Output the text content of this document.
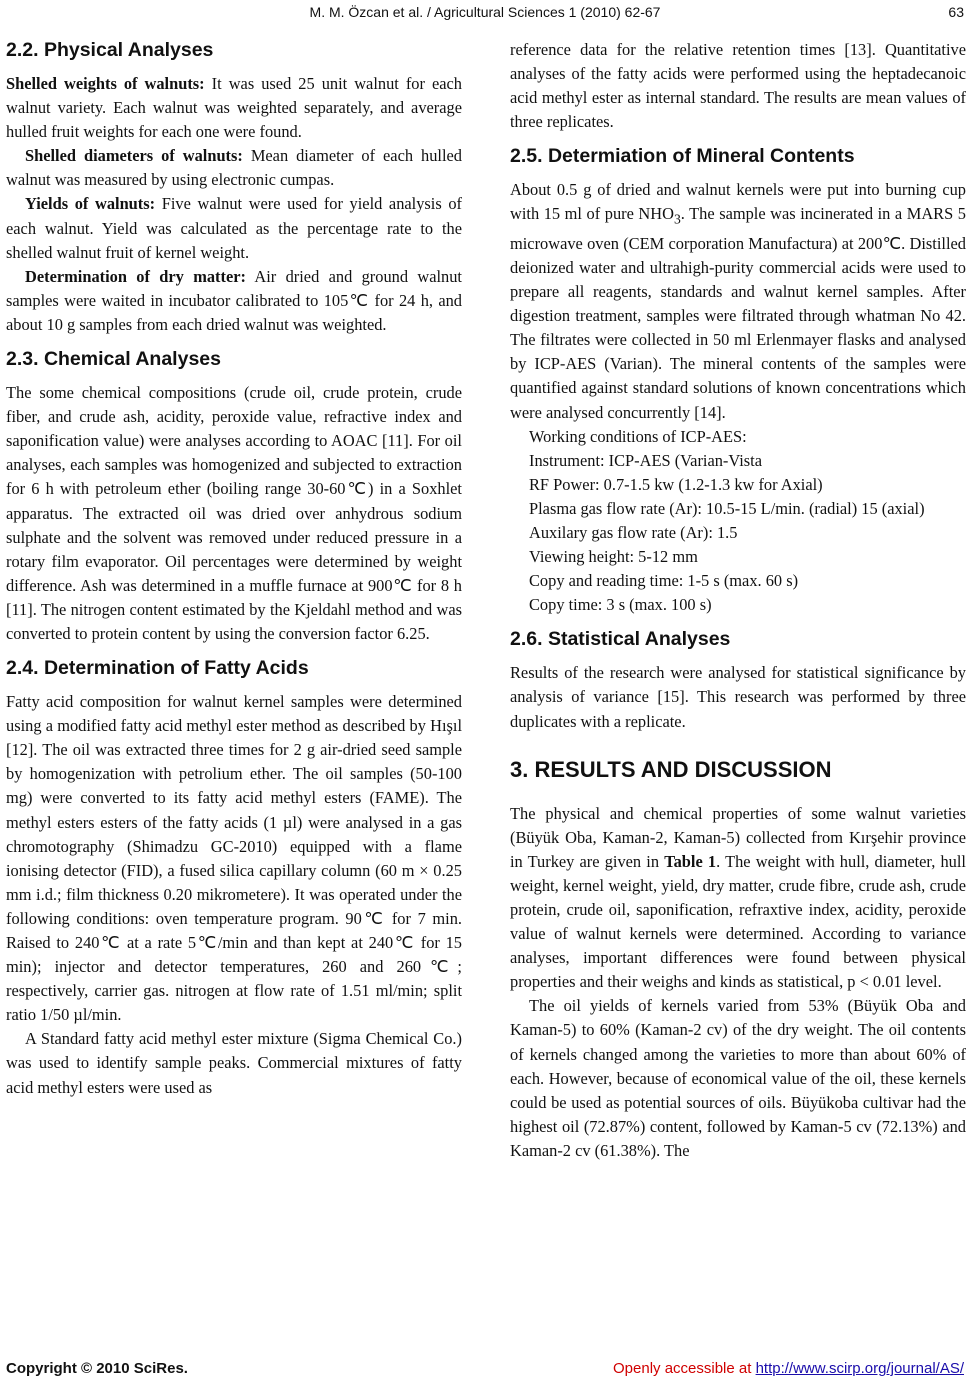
M. M. Özcan et al. / Agricultural Sciences 1 (2010) 62-67	63
2.2. Physical Analyses

Shelled weights of walnuts: It was used 25 unit walnut for each walnut variety. Each walnut was weighted separately, and average hulled fruit weights for each one were found.

Shelled diameters of walnuts: Mean diameter of each hulled walnut was measured by using electronic cumpas.

Yields of walnuts: Five walnut were used for yield analysis of each walnut. Yield was calculated as the percentage rate to the shelled walnut fruit of kernel weight.

Determination of dry matter: Air dried and ground walnut samples were waited in incubator calibrated to 105℃ for 24 h, and about 10 g samples from each dried walnut was weighted.

2.3. Chemical Analyses

The some chemical compositions (crude oil, crude protein, crude fiber, and crude ash, acidity, peroxide value, refractive index and saponification value) were analyses according to AOAC [11]. For oil analyses, each samples was homogenized and subjected to extraction for 6 h with petroleum ether (boiling range 30-60℃) in a Soxhlet apparatus. The extracted oil was dried over anhydrous sodium sulphate and the solvent was removed under reduced pressure in a rotary film evaporator. Oil percentages were determined by weight difference. Ash was determined in a muffle furnace at 900℃ for 8 h [11]. The nitrogen content estimated by the Kjeldahl method and was converted to protein content by using the conversion factor 6.25.

2.4. Determination of Fatty Acids

Fatty acid composition for walnut kernel samples were determined using a modified fatty acid methyl ester method as described by Hışıl [12]. The oil was extracted three times for 2 g air-dried seed sample by homogenization with petrolium ether. The oil samples (50-100 mg) were converted to its fatty acid methyl esters (FAME). The methyl esters esters of the fatty acids (1 µl) were analysed in a gas chromotography (Shimadzu GC-2010) equipped with a flame ionising detector (FID), a fused silica capillary column (60 m × 0.25 mm i.d.; film thickness 0.20 mikrometere). It was operated under the following conditions: oven temperature program. 90℃ for 7 min. Raised to 240℃ at a rate 5℃/min and than kept at 240℃ for 15 min); injector and detector temperatures, 260 and 260℃; respectively, carrier gas. nitrogen at flow rate of 1.51 ml/min; split ratio 1/50 µl/min.

A Standard fatty acid methyl ester mixture (Sigma Chemical Co.) was used to identify sample peaks. Commercial mixtures of fatty acid methyl esters were used as

reference data for the relative retention times [13]. Quantitative analyses of the fatty acids were performed using the heptadecanoic acid methyl ester as internal standard. The results are mean values of three replicates.

2.5. Determiation of Mineral Contents

About 0.5 g of dried and walnut kernels were put into burning cup with 15 ml of pure $NHO_3$. The sample was incinerated in a MARS 5 microwave oven (CEM corporation Manufactura) at 200℃. Distilled deionized water and ultrahigh-purity commercial acids were used to prepare all reagents, standards and walnut kernel samples. After digestion treatment, samples were filtrated through whatman No 42. The filtrates were collected in 50 ml Erlenmayer flasks and analysed by ICP-AES (Varian). The mineral contents of the samples were quantified against standard solutions of known concentrations which were analysed concurrently [14].

Working conditions of ICP-AES:

Instrument: ICP-AES (Varian-Vista

RF Power: 0.7-1.5 kw (1.2-1.3 kw for Axial)

Plasma gas flow rate (Ar): 10.5-15 L/min. (radial) 15 (axial)

Auxilary gas flow rate (Ar): 1.5

Viewing height: 5-12 mm

Copy and reading time: 1-5 s (max. 60 s)

Copy time: 3 s (max. 100 s)

2.6. Statistical Analyses

Results of the research were analysed for statistical significance by analysis of variance [15]. This research was performed by three duplicates with a replicate.

3. RESULTS AND DISCUSSION

The physical and chemical properties of some walnut varieties (Büyük Oba, Kaman-2, Kaman-5) collected from Kırşehir province in Turkey are given in Table 1. The weight with hull, diameter, hull weight, kernel weight, yield, dry matter, crude fibre, crude ash, crude protein, crude oil, saponification, refraxtive index, acidity, peroxide value of walnut kernels were determined. According to variance analyses, important differences were found between physical properties and their weighs and kinds as statistical, p < 0.01 level.

The oil yields of kernels varied from 53% (Büyük Oba and Kaman-5) to 60% (Kaman-2 cv) of the dry weight. The oil contents of kernels changed among the varieties to more than about 60% of each. However, because of economical value of the oil, these kernels could be used as potential sources of oils. Büyükoba cultivar had the highest oil (72.87%) content, followed by Kaman-5 cv (72.13%) and Kaman-2 cv (61.38%). The

Copyright © 2010 SciRes.	Openly accessible at http://www.scirp.org/journal/AS/
